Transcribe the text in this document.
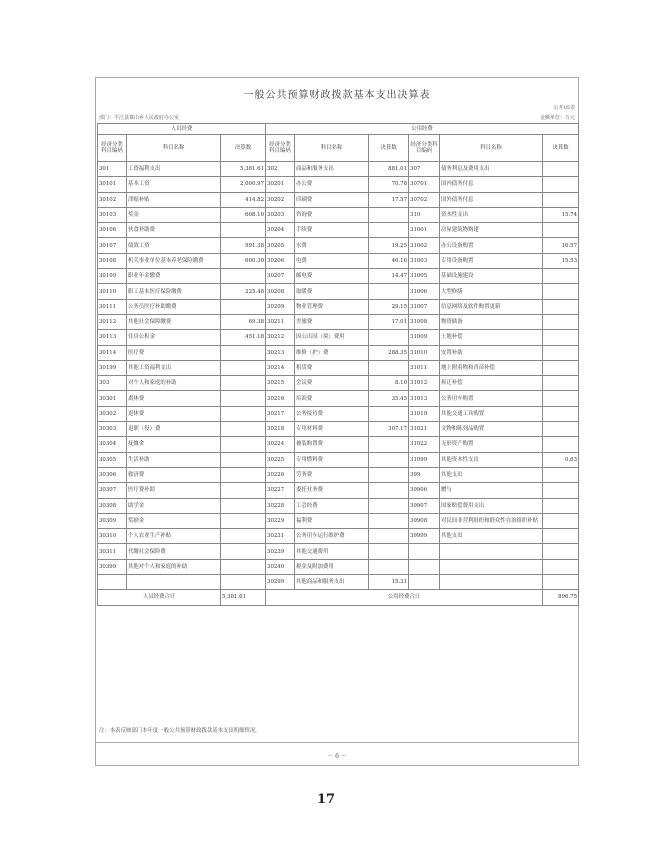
一般公共预算财政拨款基本支出决算表
公开05表
部门：平江县寨山乡人民政府办公室	金额单位：万元
人员经费			公用经费					
经济分类科目编码	科目名称	决算数	经济分类科目编码	科目名称	决算数	经济分类科目编码	科目名称	决算数
301	工资福利支出	5,381.61	302	商品和服务支出	881.01	307	债务利息及费用支出	
30101	基本工资	2,000.97	30201	办公费	70.78	30701	国内债务付息	
30102	津贴补贴	414.82	30202	印刷费	17.57	30702	国外债务付息	
30103	奖金	608.10	30203	咨询费		310	资本性支出	15.74
30106	伙食补助费		30204	手续费		31001	房屋建筑物购建	
30107	绩效工资	991.38	30205	水费	19.25	31002	办公设备购置	16.57
30108	机关事业单位基本养老保险缴费	600.30	30206	电费	46.16	31003	专用设备购置	15.53
30109	职业年金缴费		30207	邮电费	14.47	31005	基础设施建设	
30110	职工基本医疗保险缴费	225.48	30208	取暖费		31006	大型修缮	
30111	公务员医疗补助缴费		30209	物业管理费	29.15	31007	信息网络及软件购置更新	
30112	其他社会保障缴费	69.38	30211	差旅费	17.01	31008	物资储备	
30113	住房公积金	451.18	30212	因公出国（境）费用		31009	土地补偿	
30114	医疗费		30213	维修（护）费	288.35	31010	安置补助	
30199	其他工资福利支出		30214	租赁费		31011	地上附着物和青苗补偿	
303	对个人和家庭的补助		30215	会议费	8.10	31012	拆迁补偿	
30301	离休费		30216	培训费	35.45	31013	公务用车购置	
30302	退休费		30217	公务接待费		31019	其他交通工具购置	
30303	退职（役）费		30218	专用材料费	307.17	31021	文物和陈列品购置	
30304	抚恤金		30224	被装购置费		31022	无形资产购置	
30305	生活补助		30225	专用燃料费		31099	其他资本性支出	0.63
30306	救济费		30226	劳务费		399	其他支出	
30307	医疗费补助		30227	委托业务费		39906	赠与	
30308	助学金		30228	工会经费		39907	国家赔偿费用支出	
30309	奖励金		30229	福利费		39908	对民间非营利组织和群众性自治组织补贴	
30310	个人农业生产补贴		30231	公务用车运行维护费		39999	其他支出	
30311	代缴社会保险费		30239	其他交通费用				
30399	其他对个人和家庭的补助		30240	税金及附加费用				
			30299	其他商品和服务支出	15.31			
人员经费合计		5,381.61	公用经费合计					896.75
注：本表反映部门本年度一般公共预算财政拨款基本支出明细情况。
－ 6 －
17
